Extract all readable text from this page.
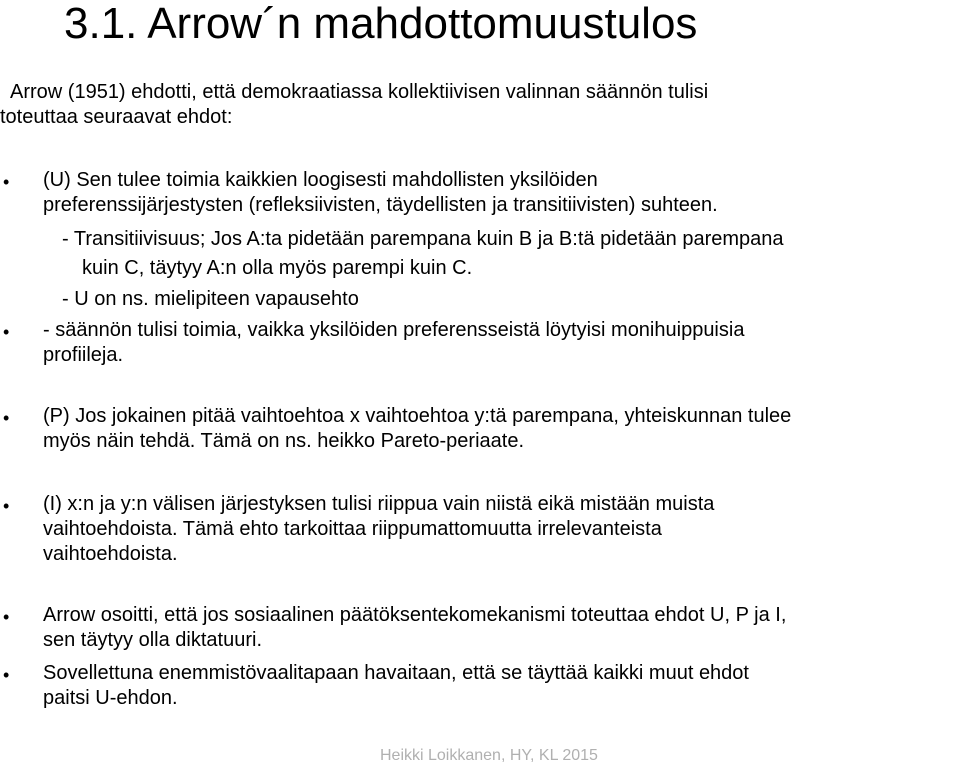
3.1. Arrow´n mahdottomuustulos
Arrow (1951) ehdotti, että demokraatiassa kollektiivisen valinnan säännön tulisi
toteuttaa seuraavat ehdot:
• (U) Sen tulee toimia kaikkien loogisesti mahdollisten yksilöiden
preferenssijärjestysten (refleksiivisten, täydellisten ja transitiivisten) suhteen.
- Transitiivisuus; Jos A:ta pidetään parempana kuin B ja B:tä pidetään parempana
kuin C, täytyy A:n olla myös parempi kuin C.
- U on ns. mielipiteen vapausehto
• - säännön tulisi toimia, vaikka yksilöiden preferensseistä löytyisi monihuippuisia
profiileja.
• (P) Jos jokainen pitää vaihtoehtoa x vaihtoehtoa y:tä parempana, yhteiskunnan tulee
myös näin tehdä. Tämä on ns. heikko Pareto-periaate.
• (I) x:n ja y:n välisen järjestyksen tulisi riippua vain niistä eikä mistään muista
vaihtoehdoista. Tämä ehto tarkoittaa riippumattomuutta irrelevanteista
vaihtoehdoista.
• Arrow osoitti, että jos sosiaalinen päätöksentekomekanismi toteuttaa ehdot U, P ja I,
sen täytyy olla diktatuuri.
• Sovellettuna enemmistövaalitapaan havaitaan, että se täyttää kaikki muut ehdot
paitsi U-ehdon.
Heikki Loikkanen, HY, KL 2015
